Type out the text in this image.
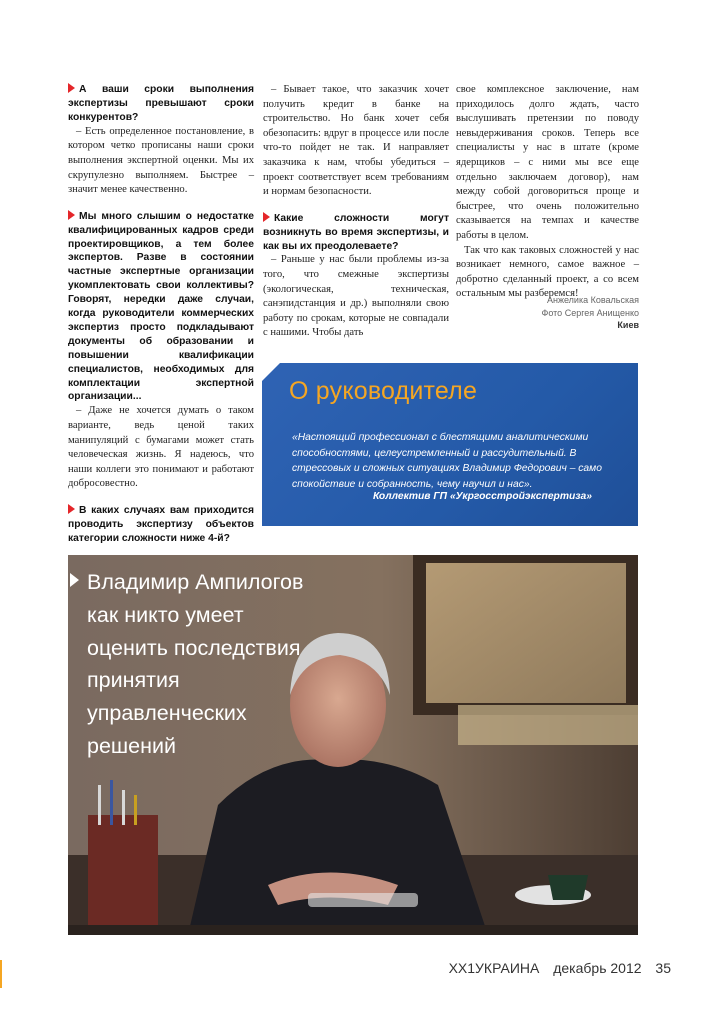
А ваши сроки выполнения экспертизы превышают сроки конкурентов?

– Есть определенное постановление, в котором четко прописаны наши сроки выполнения экспертной оценки. Мы их скрупулезно выполняем. Быстрее – значит менее качественно.

Мы много слышим о недостатке квалифицированных кадров среди проектировщиков, а тем более экспертов. Разве в состоянии частные экспертные организации укомплектовать свои коллективы? Говорят, нередки даже случаи, когда руководители коммерческих экспертиз просто подкладывают документы об образовании и повышении квалификации специалистов, необходимых для комплектации экспертной организации...

– Даже не хочется думать о таком варианте, ведь ценой таких манипуляций с бумагами может стать человеческая жизнь. Я надеюсь, что наши коллеги это понимают и работают добросовестно.

В каких случаях вам приходится проводить экспертизу объектов категории сложности ниже 4-й?

– Бывает такое, что заказчик хочет получить кредит в банке на строительство. Но банк хочет себя обезопасить: вдруг в процессе или после что-то пойдет не так. И направляет заказчика к нам, чтобы убедиться – проект соответствует всем требованиям и нормам безопасности.

Какие сложности могут возникнуть во время экспертизы, и как вы их преодолеваете?

– Раньше у нас были проблемы из-за того, что смежные экспертизы (экологическая, техническая, санэпидстанция и др.) выполняли свою работу по срокам, которые не совпадали с нашими. Чтобы дать

свое комплексное заключение, нам приходилось долго ждать, часто выслушивать претензии по поводу невыдерживания сроков. Теперь все специалисты у нас в штате (кроме ядерщиков – с ними мы все еще отдельно заключаем договор), нам между собой договориться проще и быстрее, что очень положительно сказывается на темпах и качестве работы в целом.

Так что как таковых сложностей у нас возникает немного, самое важное – добротно сделанный проект, а со всем остальным мы разберемся!

Анжелика Ковальская
Фото Сергея Анищенко
Киев
О руководителе
«Настоящий профессионал с блестящими аналитическими способностями, целеустремленный и рассудительный. В стрессовых и сложных ситуациях Владимир Федорович – само спокойствие и собранность, чему научил и нас».
Коллектив ГП «Укргосстройэкспертиза»
Владимир Ампилогов
как никто умеет
оценить последствия
принятия
управленческих
решений
ХХ1УКРАИНА декабрь 2012 35
